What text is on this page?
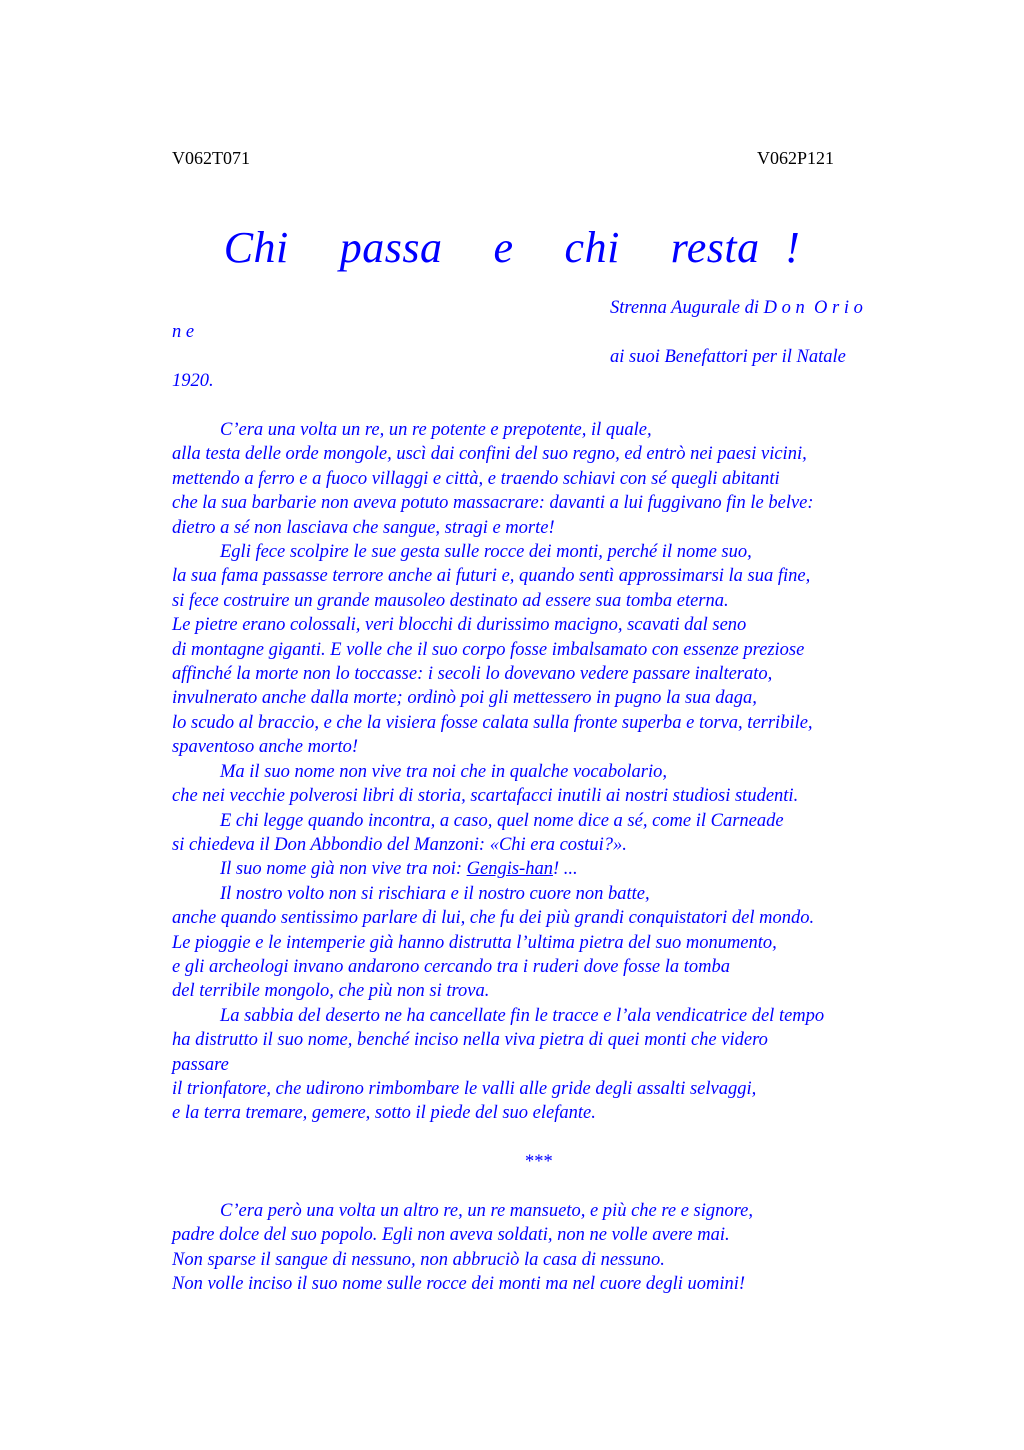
V062T071	V062P121
Chi  passa  e  chi  resta !
Strenna Augurale di D o n  O r i o
n e
ai suoi Benefattori per il Natale
1920.
C’era una volta un re, un re potente e prepotente, il quale,
alla testa delle orde mongole, uscì dai confini del suo regno, ed entrò nei paesi vicini,
mettendo a ferro e a fuoco villaggi e città, e traendo schiavi con sé quegli abitanti
che la sua barbarie non aveva potuto massacrare: davanti a lui fuggivano fin le belve:
dietro a sé non lasciava che sangue, stragi e morte!
Egli fece scolpire le sue gesta sulle rocce dei monti, perché il nome suo,
la sua fama passasse terrore anche ai futuri e, quando sentì approssimarsi la sua fine,
si fece costruire un grande mausoleo destinato ad essere sua tomba eterna.
Le pietre erano colossali, veri blocchi di durissimo macigno, scavati dal seno
di montagne giganti. E volle che il suo corpo fosse imbalsamato con essenze preziose
affinché la morte non lo toccasse: i secoli lo dovevano vedere passare inalterato,
invulnerato anche dalla morte; ordinò poi gli mettessero in pugno la sua daga,
lo scudo al braccio, e che la visiera fosse calata sulla fronte superba e torva, terribile,
spaventoso anche morto!
Ma il suo nome non vive tra noi che in qualche vocabolario,
che nei vecchie polverosi libri di storia, scartafacci inutili ai nostri studiosi studenti.
E chi legge quando incontra, a caso, quel nome dice a sé, come il Carneade
si chiedeva il Don Abbondio del Manzoni: «Chi era costui?».
Il suo nome già non vive tra noi: Gengis-han! ...
Il nostro volto non si rischiara e il nostro cuore non batte,
anche quando sentissimo parlare di lui, che fu dei più grandi conquistatori del mondo.
Le pioggie e le intemperie già hanno distrutta l’ultima pietra del suo monumento,
e gli archeologi invano andarono cercando tra i ruderi dove fosse la tomba
del terribile mongolo, che più non si trova.
La sabbia del deserto ne ha cancellate fin le tracce e l’ala vendicatrice del tempo
ha distrutto il suo nome, benché inciso nella viva pietra di quei monti che videro
passare
il trionfatore, che udirono rimbombare le valli alle gride degli assalti selvaggi,
e la terra tremare, gemere, sotto il piede del suo elefante.
***
C’era però una volta un altro re, un re mansueto, e più che re e signore,
padre dolce del suo popolo. Egli non aveva soldati, non ne volle avere mai.
Non sparse il sangue di nessuno, non abbruciò la casa di nessuno.
Non volle inciso il suo nome sulle rocce dei monti ma nel cuore degli uomini!
